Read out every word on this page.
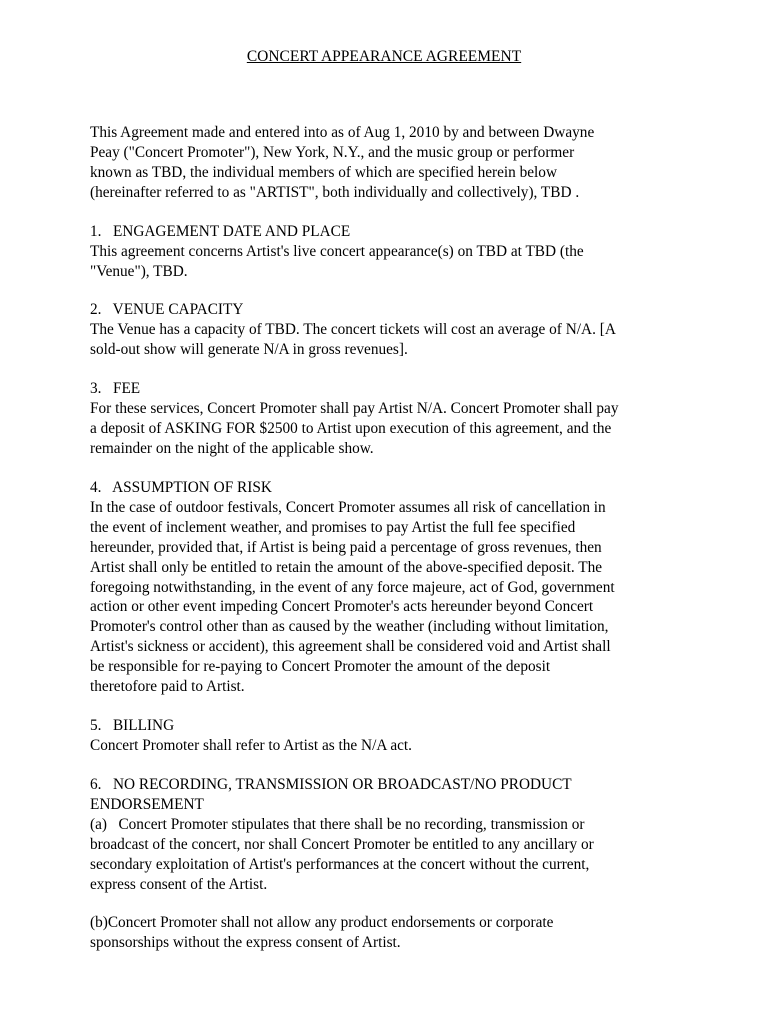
CONCERT APPEARANCE AGREEMENT
This Agreement made and entered into as of Aug 1, 2010 by and between Dwayne
Peay ("Concert Promoter"), New York, N.Y., and the music group or performer
known as TBD, the individual members of which are specified herein below
(hereinafter referred to as "ARTIST", both individually and collectively), TBD .
1.   ENGAGEMENT DATE AND PLACE
This agreement concerns Artist's live concert appearance(s) on TBD at TBD (the
"Venue"), TBD.
2.   VENUE CAPACITY
The Venue has a capacity of TBD. The concert tickets will cost an average of N/A. [A
sold-out show will generate N/A in gross revenues].
3.   FEE
For these services, Concert Promoter shall pay Artist N/A. Concert Promoter shall pay
a deposit of ASKING FOR $2500 to Artist upon execution of this agreement, and the
remainder on the night of the applicable show.
4.   ASSUMPTION OF RISK
In the case of outdoor festivals, Concert Promoter assumes all risk of cancellation in
the event of inclement weather, and promises to pay Artist the full fee specified
hereunder, provided that, if Artist is being paid a percentage of gross revenues, then
Artist shall only be entitled to retain the amount of the above-specified deposit. The
foregoing notwithstanding, in the event of any force majeure, act of God, government
action or other event impeding Concert Promoter's acts hereunder beyond Concert
Promoter's control other than as caused by the weather (including without limitation,
Artist's sickness or accident), this agreement shall be considered void and Artist shall
be responsible for re-paying to Concert Promoter the amount of the deposit
theretofore paid to Artist.
5.   BILLING
Concert Promoter shall refer to Artist as the N/A act.
6.   NO RECORDING, TRANSMISSION OR BROADCAST/NO PRODUCT
ENDORSEMENT
(a)   Concert Promoter stipulates that there shall be no recording, transmission or
broadcast of the concert, nor shall Concert Promoter be entitled to any ancillary or
secondary exploitation of Artist's performances at the concert without the current,
express consent of the Artist.
(b)Concert Promoter shall not allow any product endorsements or corporate
sponsorships without the express consent of Artist.
